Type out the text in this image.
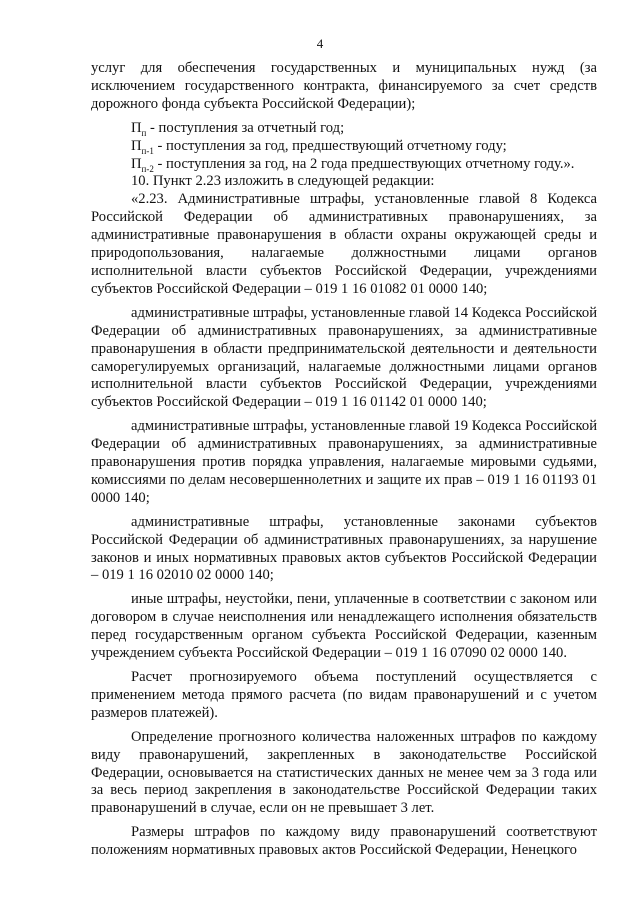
4

услуг для обеспечения государственных и муниципальных нужд (за исключением государственного контракта, финансируемого за счет средств дорожного фонда субъекта Российской Федерации);

$П_п$ - поступления за отчетный год;

$П_{п-1}$ - поступления за год, предшествующий отчетному году;

$П_{п-2}$ - поступления за год, на 2 года предшествующих отчетному году.».

10. Пункт 2.23 изложить в следующей редакции:

«2.23. Административные штрафы, установленные главой 8 Кодекса Российской Федерации об административных правонарушениях, за административные правонарушения в области охраны окружающей среды и природопользования, налагаемые должностными лицами органов исполнительной власти субъектов Российской Федерации, учреждениями субъектов Российской Федерации – 019 1 16 01082 01 0000 140;

административные штрафы, установленные главой 14 Кодекса Российской Федерации об административных правонарушениях, за административные правонарушения в области предпринимательской деятельности и деятельности саморегулируемых организаций, налагаемые должностными лицами органов исполнительной власти субъектов Российской Федерации, учреждениями субъектов Российской Федерации – 019 1 16 01142 01 0000 140;

административные штрафы, установленные главой 19 Кодекса Российской Федерации об административных правонарушениях, за административные правонарушения против порядка управления, налагаемые мировыми судьями, комиссиями по делам несовершеннолетних и защите их прав – 019 1 16 01193 01 0000 140;

административные штрафы, установленные законами субъектов Российской Федерации об административных правонарушениях, за нарушение законов и иных нормативных правовых актов субъектов Российской Федерации – 019 1 16 02010 02 0000 140;

иные штрафы, неустойки, пени, уплаченные в соответствии с законом или договором в случае неисполнения или ненадлежащего исполнения обязательств перед государственным органом субъекта Российской Федерации, казенным учреждением субъекта Российской Федерации – 019 1 16 07090 02 0000 140.

Расчет прогнозируемого объема поступлений осуществляется с применением метода прямого расчета (по видам правонарушений и с учетом размеров платежей).

Определение прогнозного количества наложенных штрафов по каждому виду правонарушений, закрепленных в законодательстве Российской Федерации, основывается на статистических данных не менее чем за 3 года или за весь период закрепления в законодательстве Российской Федерации таких правонарушений в случае, если он не превышает 3 лет.

Размеры штрафов по каждому виду правонарушений соответствуют положениям нормативных правовых актов Российской Федерации, Ненецкого
